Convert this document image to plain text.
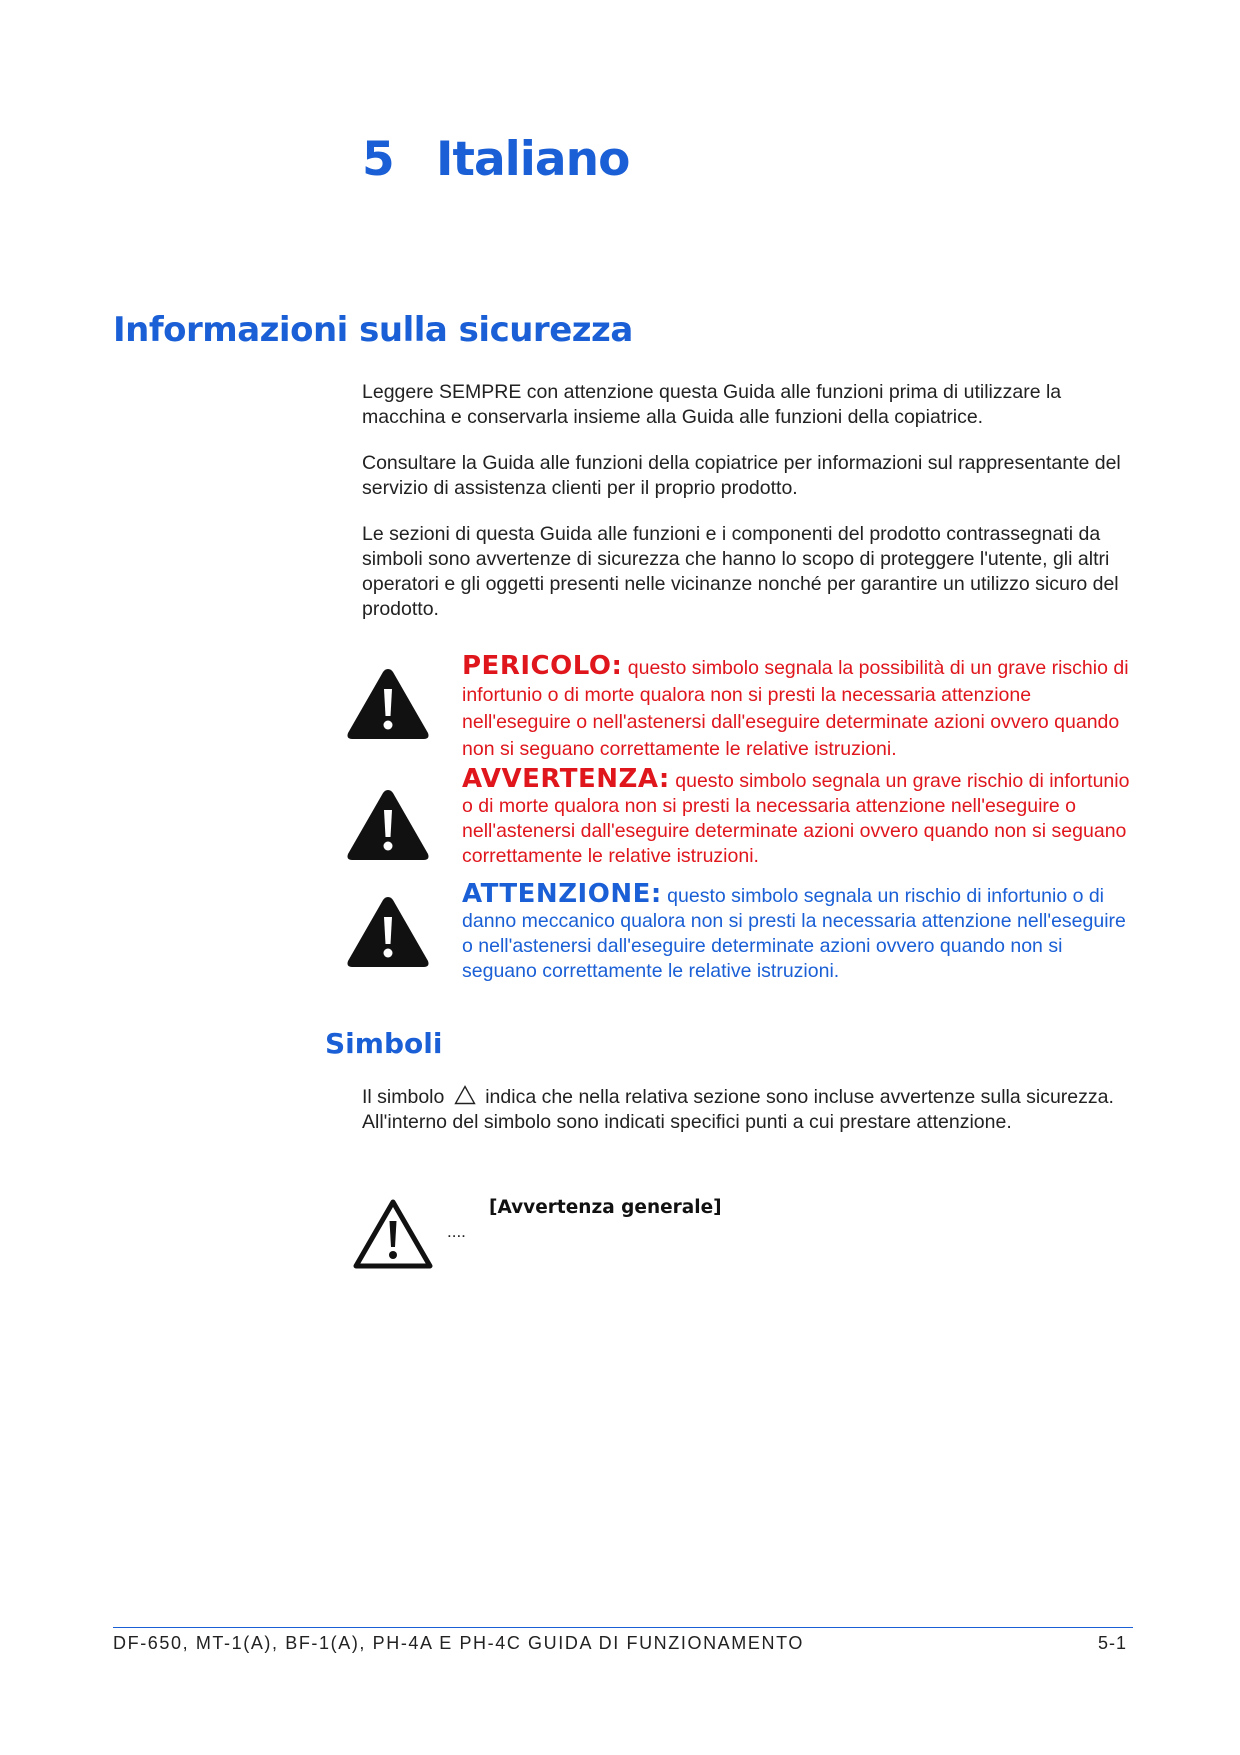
5 Italiano
Informazioni sulla sicurezza
Leggere SEMPRE con attenzione questa Guida alle funzioni prima di utilizzare la macchina e conservarla insieme alla Guida alle funzioni della copiatrice.
Consultare la Guida alle funzioni della copiatrice per informazioni sul rappresentante del servizio di assistenza clienti per il proprio prodotto.
Le sezioni di questa Guida alle funzioni e i componenti del prodotto contrassegnati da simboli sono avvertenze di sicurezza che hanno lo scopo di proteggere l'utente, gli altri operatori e gli oggetti presenti nelle vicinanze nonché per garantire un utilizzo sicuro del prodotto.
PERICOLO: questo simbolo segnala la possibilità di un grave rischio di infortunio o di morte qualora non si presti la necessaria attenzione nell'eseguire o nell'astenersi dall'eseguire determinate azioni ovvero quando non si seguano correttamente le relative istruzioni.
AVVERTENZA: questo simbolo segnala un grave rischio di infortunio o di morte qualora non si presti la necessaria attenzione nell'eseguire o nell'astenersi dall'eseguire determinate azioni ovvero quando non si seguano correttamente le relative istruzioni.
ATTENZIONE: questo simbolo segnala un rischio di infortunio o di danno meccanico qualora non si presti la necessaria attenzione nell'eseguire o nell'astenersi dall'eseguire determinate azioni ovvero quando non si seguano correttamente le relative istruzioni.
Simboli
Il simbolo indica che nella relativa sezione sono incluse avvertenze sulla sicurezza. All'interno del simbolo sono indicati specifici punti a cui prestare attenzione.
[Avvertenza generale]
....
DF-650, MT-1(A), BF-1(A), PH-4A E PH-4C GUIDA DI FUNZIONAMENTO	5-1
